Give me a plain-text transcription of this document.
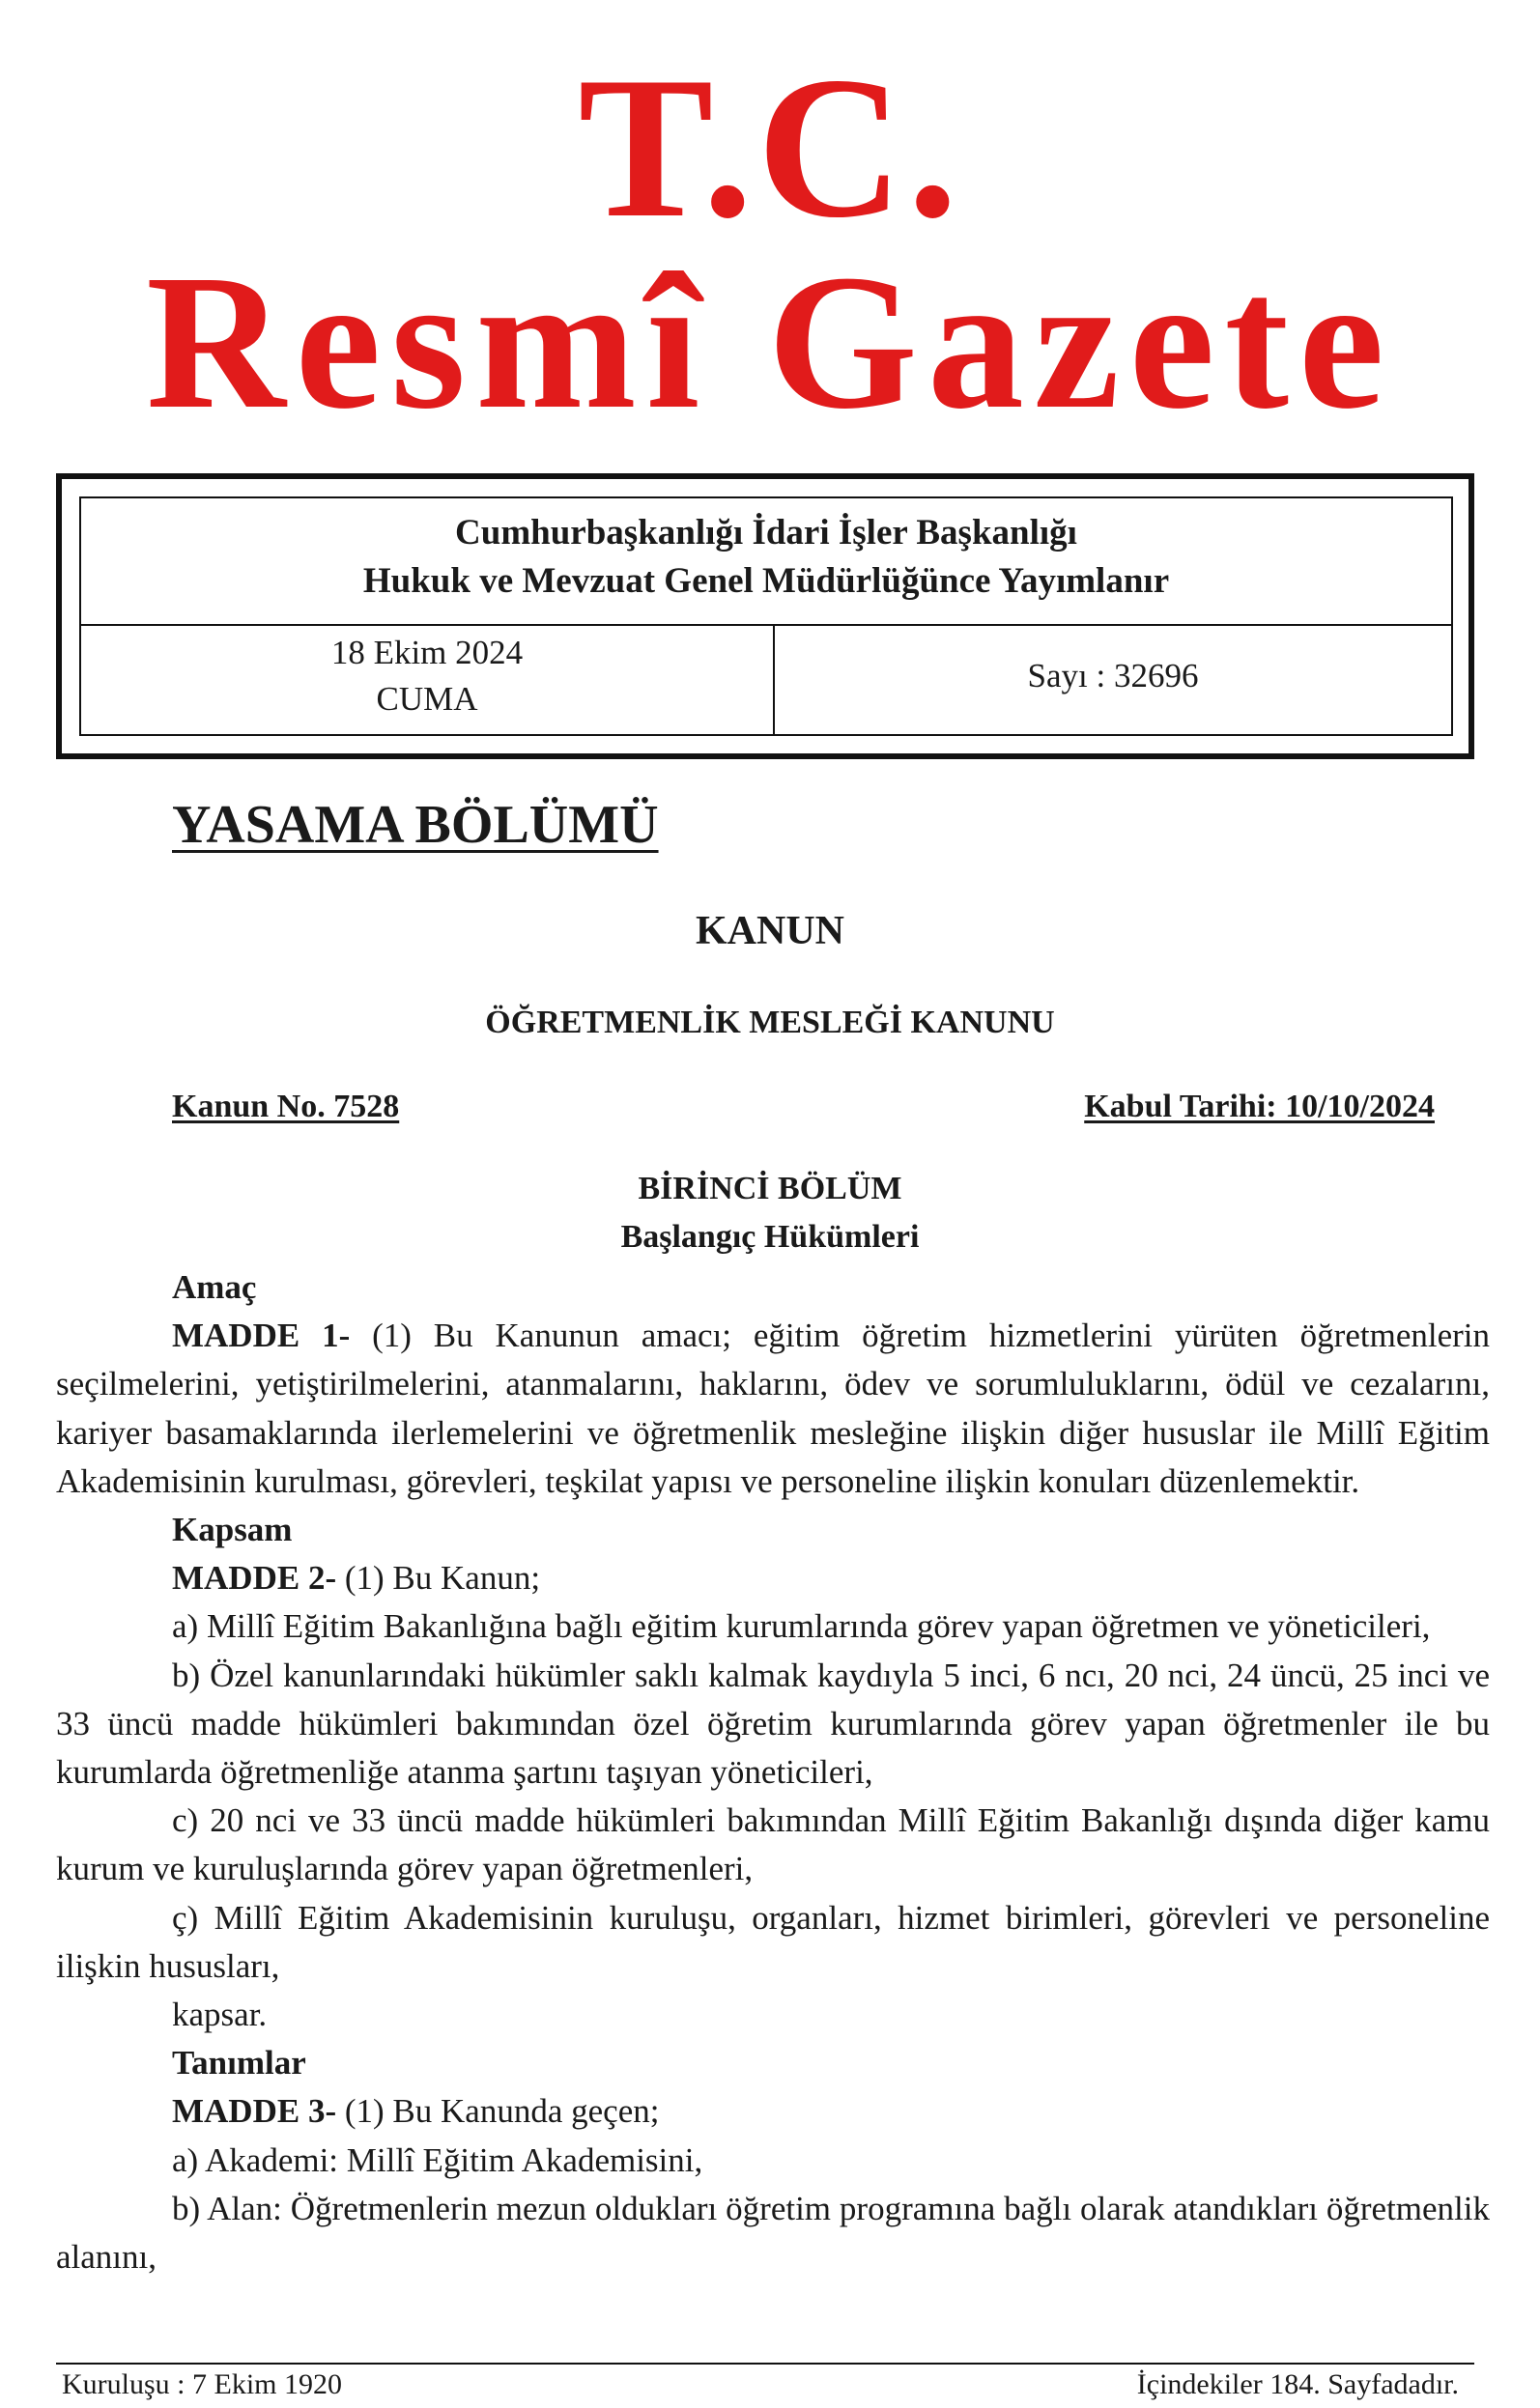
T.C.
Resmî Gazete
Cumhurbaşkanlığı İdari İşler Başkanlığı
Hukuk ve Mevzuat Genel Müdürlüğünce Yayımlanır
18 Ekim 2024
CUMA
Sayı : 32696
YASAMA BÖLÜMÜ
KANUN
ÖĞRETMENLİK MESLEĞİ KANUNU
Kanun No. 7528	Kabul Tarihi: 10/10/2024
BİRİNCİ BÖLÜM
Başlangıç Hükümleri

Amaç

MADDE 1- (1) Bu Kanunun amacı; eğitim öğretim hizmetlerini yürüten öğretmenlerin seçilmelerini, yetiştirilmelerini, atanmalarını, haklarını, ödev ve sorumluluklarını, ödül ve cezalarını, kariyer basamaklarında ilerlemelerini ve öğretmenlik mesleğine ilişkin diğer hususlar ile Millî Eğitim Akademisinin kurulması, görevleri, teşkilat yapısı ve personeline ilişkin konuları düzenlemektir.

Kapsam

MADDE 2- (1) Bu Kanun;

a) Millî Eğitim Bakanlığına bağlı eğitim kurumlarında görev yapan öğretmen ve yöneticileri,

b) Özel kanunlarındaki hükümler saklı kalmak kaydıyla 5 inci, 6 ncı, 20 nci, 24 üncü, 25 inci ve 33 üncü madde hükümleri bakımından özel öğretim kurumlarında görev yapan öğretmenler ile bu kurumlarda öğretmenliğe atanma şartını taşıyan yöneticileri,

c) 20 nci ve 33 üncü madde hükümleri bakımından Millî Eğitim Bakanlığı dışında diğer kamu kurum ve kuruluşlarında görev yapan öğretmenleri,

ç) Millî Eğitim Akademisinin kuruluşu, organları, hizmet birimleri, görevleri ve personeline ilişkin hususları,

kapsar.

Tanımlar

MADDE 3- (1) Bu Kanunda geçen;

a) Akademi: Millî Eğitim Akademisini,

b) Alan: Öğretmenlerin mezun oldukları öğretim programına bağlı olarak atandıkları öğretmenlik alanını,

Kuruluşu : 7 Ekim 1920	İçindekiler 184. Sayfadadır.
